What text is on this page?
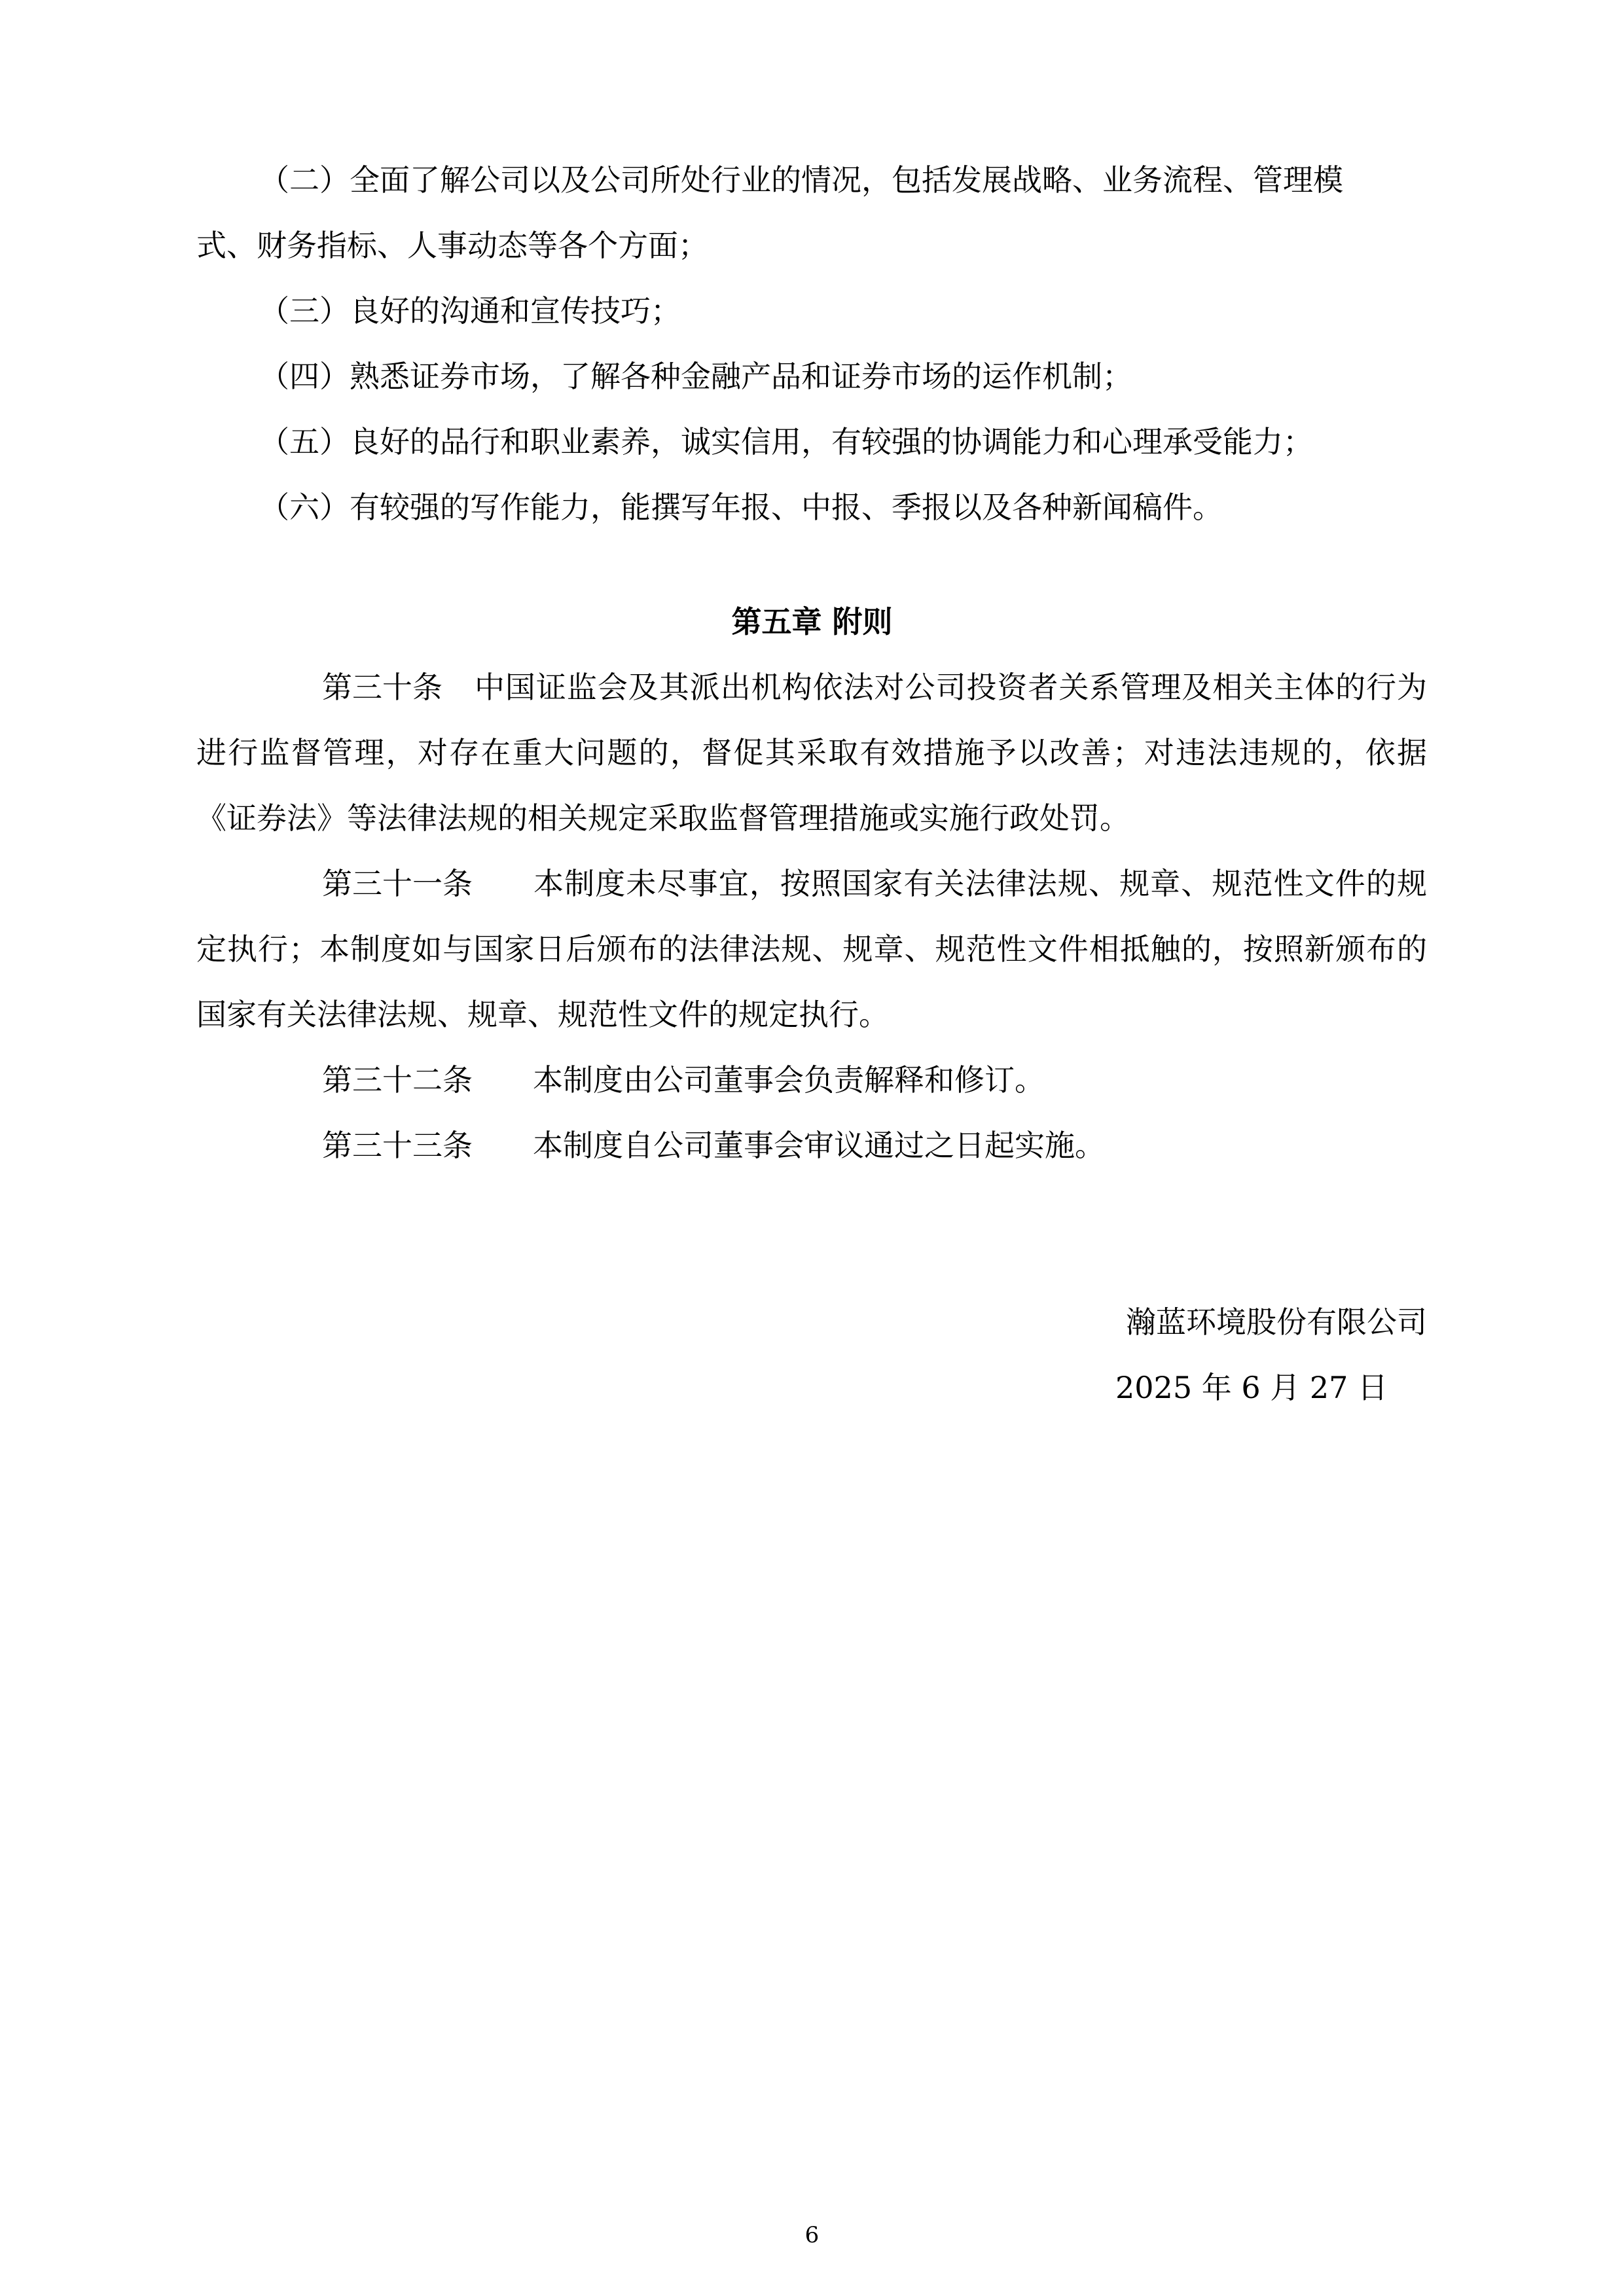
（二）全面了解公司以及公司所处行业的情况，包括发展战略、业务流程、管理模
式、财务指标、人事动态等各个方面；

（三）良好的沟通和宣传技巧；

（四）熟悉证券市场，了解各种金融产品和证券市场的运作机制；

（五）良好的品行和职业素养，诚实信用，有较强的协调能力和心理承受能力；

（六）有较强的写作能力，能撰写年报、中报、季报以及各种新闻稿件。

第五章 附则

第三十条 中国证监会及其派出机构依法对公司投资者关系管理及相关主体的行为进行监督管理，对存在重大问题的，督促其采取有效措施予以改善；对违法违规的，依据《证券法》等法律法规的相关规定采取监督管理措施或实施行政处罚。

第三十一条 本制度未尽事宜，按照国家有关法律法规、规章、规范性文件的规定执行；本制度如与国家日后颁布的法律法规、规章、规范性文件相抵触的，按照新颁布的国家有关法律法规、规章、规范性文件的规定执行。

第三十二条 本制度由公司董事会负责解释和修订。

第三十三条 本制度自公司董事会审议通过之日起实施。

瀚蓝环境股份有限公司
2025 年 6 月 27 日
6
